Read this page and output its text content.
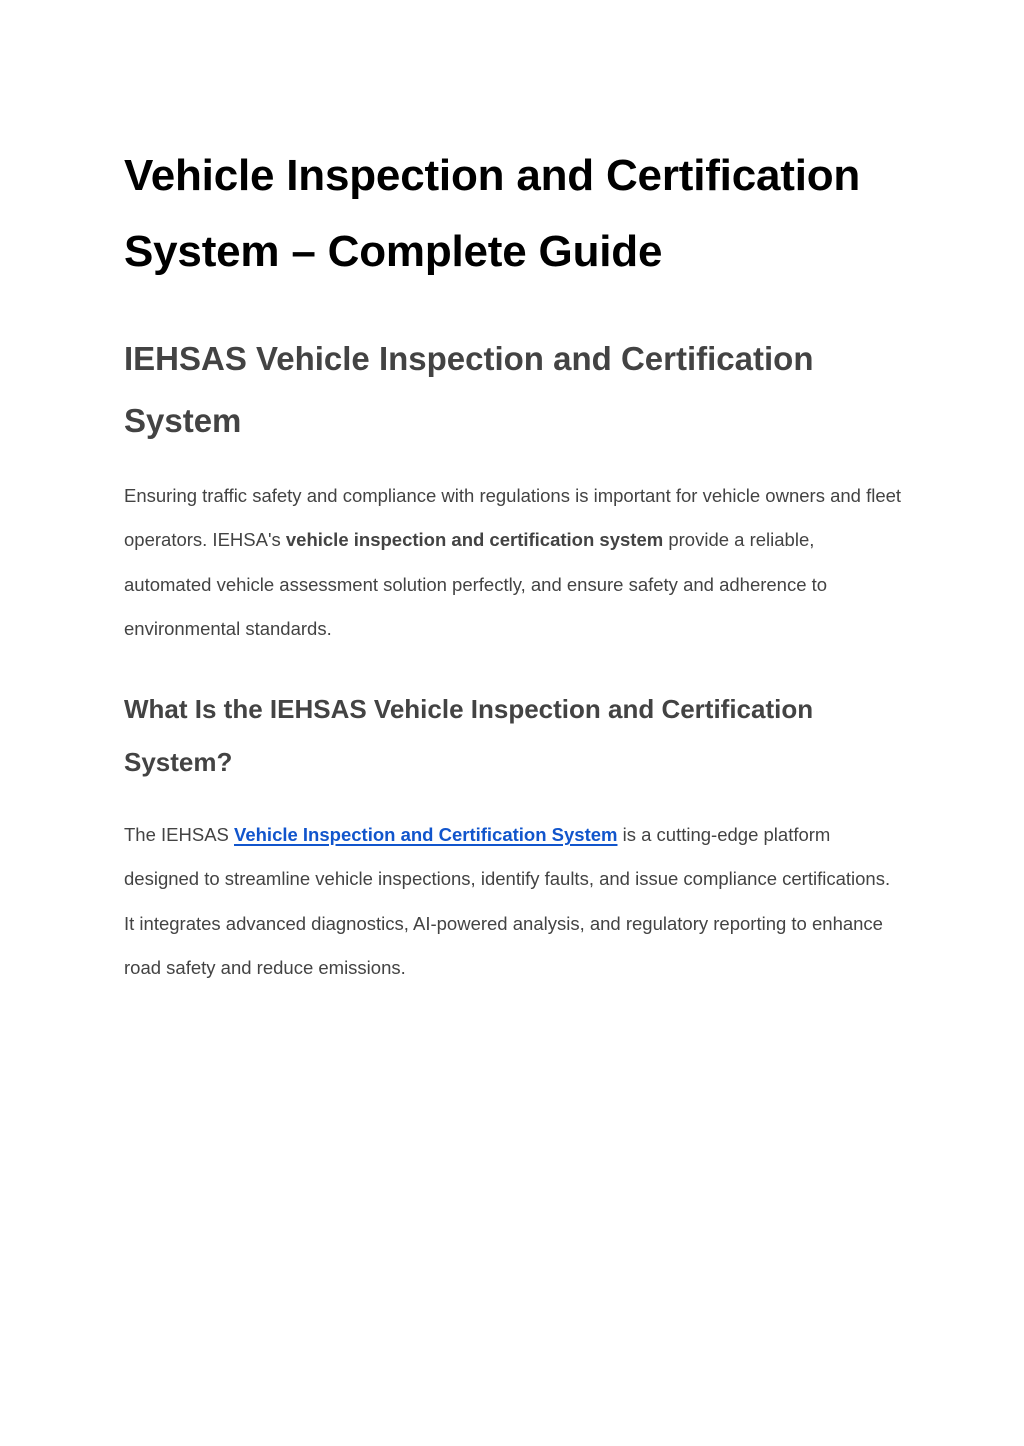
Vehicle Inspection and Certification System – Complete Guide
IEHSAS Vehicle Inspection and Certification System

Ensuring traffic safety and compliance with regulations is important for vehicle owners and fleet operators. IEHSA's vehicle inspection and certification system provide a reliable, automated vehicle assessment solution perfectly, and ensure safety and adherence to environmental standards.

What Is the IEHSAS Vehicle Inspection and Certification System?

The IEHSAS Vehicle Inspection and Certification System is a cutting-edge platform designed to streamline vehicle inspections, identify faults, and issue compliance certifications. It integrates advanced diagnostics, AI-powered analysis, and regulatory reporting to enhance road safety and reduce emissions.
